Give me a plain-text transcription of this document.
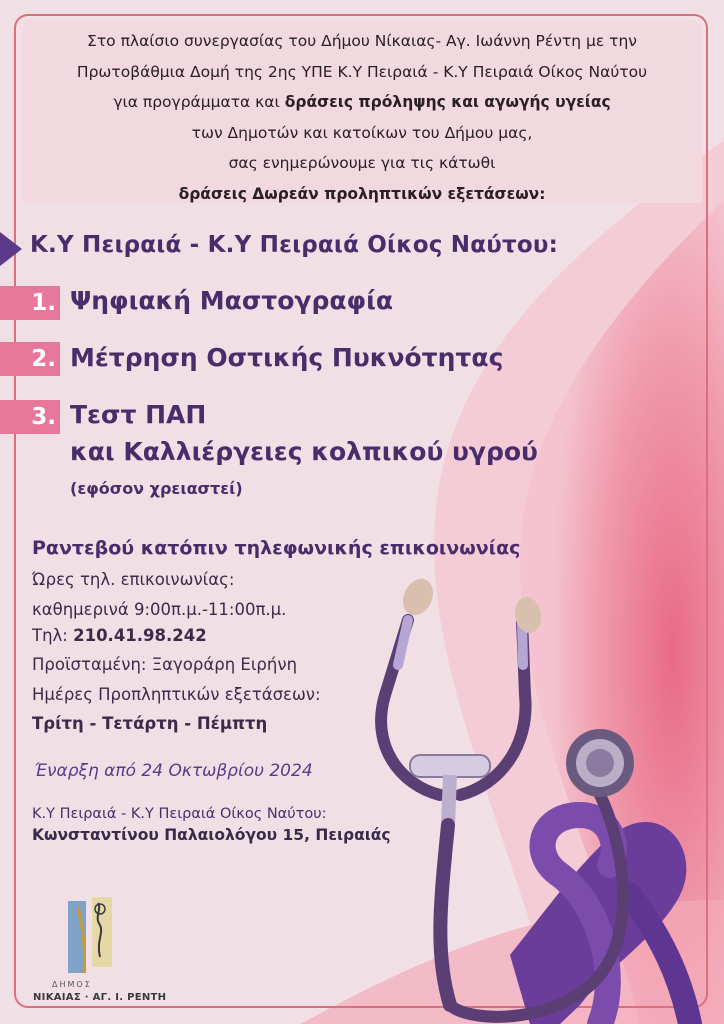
Στο πλαίσιο συνεργασίας του Δήμου Νίκαιας- Αγ. Ιωάννη Ρέντη με την
Πρωτοβάθμια Δομή της 2ης ΥΠΕ Κ.Υ Πειραιά - Κ.Υ Πειραιά Οίκος Ναύτου
για προγράμματα και δράσεις πρόληψης και αγωγής υγείας
των Δημοτών και κατοίκων του Δήμου μας,
σας ενημερώνουμε για τις κάτωθι
δράσεις Δωρεάν προληπτικών εξετάσεων:
Κ.Υ Πειραιά - Κ.Υ Πειραιά Οίκος Ναύτου:
1. Ψηφιακή Μαστογραφία
2. Μέτρηση Οστικής Πυκνότητας
3. Τεστ ΠΑΠ
και Καλλιέργειες κολπικού υγρού
(εφόσον χρειαστεί)
Ραντεβού κατόπιν τηλεφωνικής επικοινωνίας
Ώρες τηλ. επικοινωνίας:
καθημερινά 9:00π.μ.-11:00π.μ.
Τηλ: 210.41.98.242
Προϊσταμένη: Ξαγοράρη Ειρήνη
Ημέρες Προπληπτικών εξετάσεων:
Τρίτη - Τετάρτη - Πέμπτη
Έναρξη από 24 Οκτωβρίου 2024
Κ.Υ Πειραιά - Κ.Υ Πειραιά Οίκος Ναύτου:
Κωνσταντίνου Παλαιολόγου 15, Πειραιάς
ΔΗΜΟΣ
ΝΙΚΑΙΑΣ · ΑΓ. Ι. ΡΕΝΤΗ
